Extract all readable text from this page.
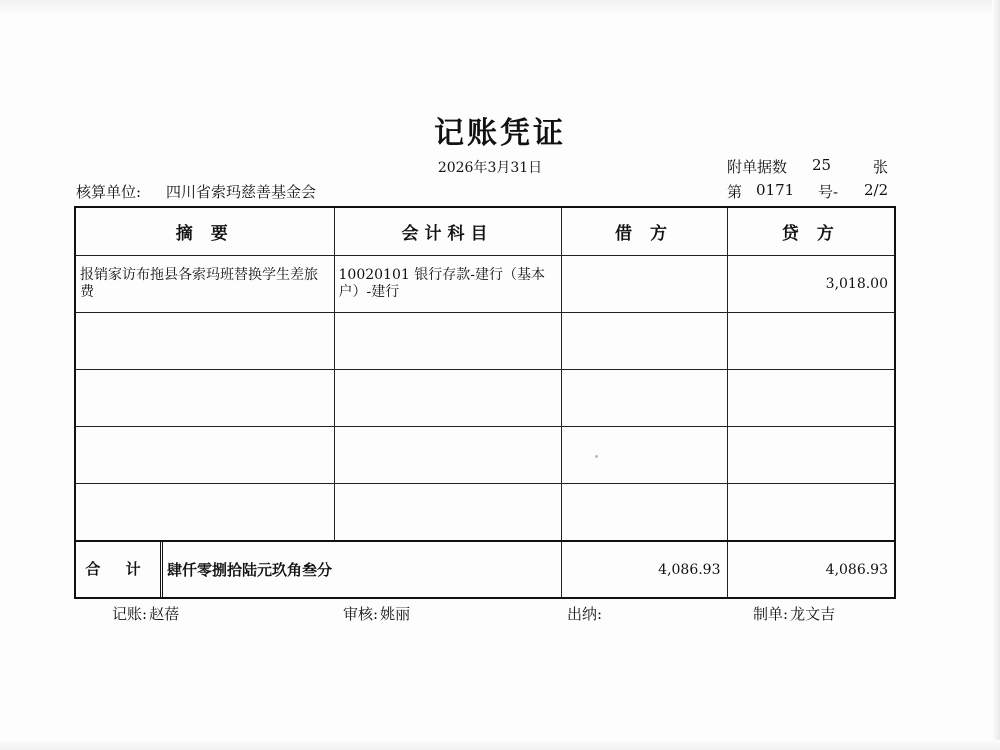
记账凭证
2026年3月31日	附单据数 25	张
核算单位: 四川省索玛慈善基金会	第 0171 号- 2/2
摘 要	会计科目	借 方	贷 方
报销家访布拖县各索玛班替换学生差旅费	10020101 银行存款-建行（基本户）-建行		3,018.00

合 计 肆仟零捌拾陆元玖角叁分		4,086.93	4,086.93
记账: 赵蓓	审核: 姚丽	出纳:	制单: 龙文吉
